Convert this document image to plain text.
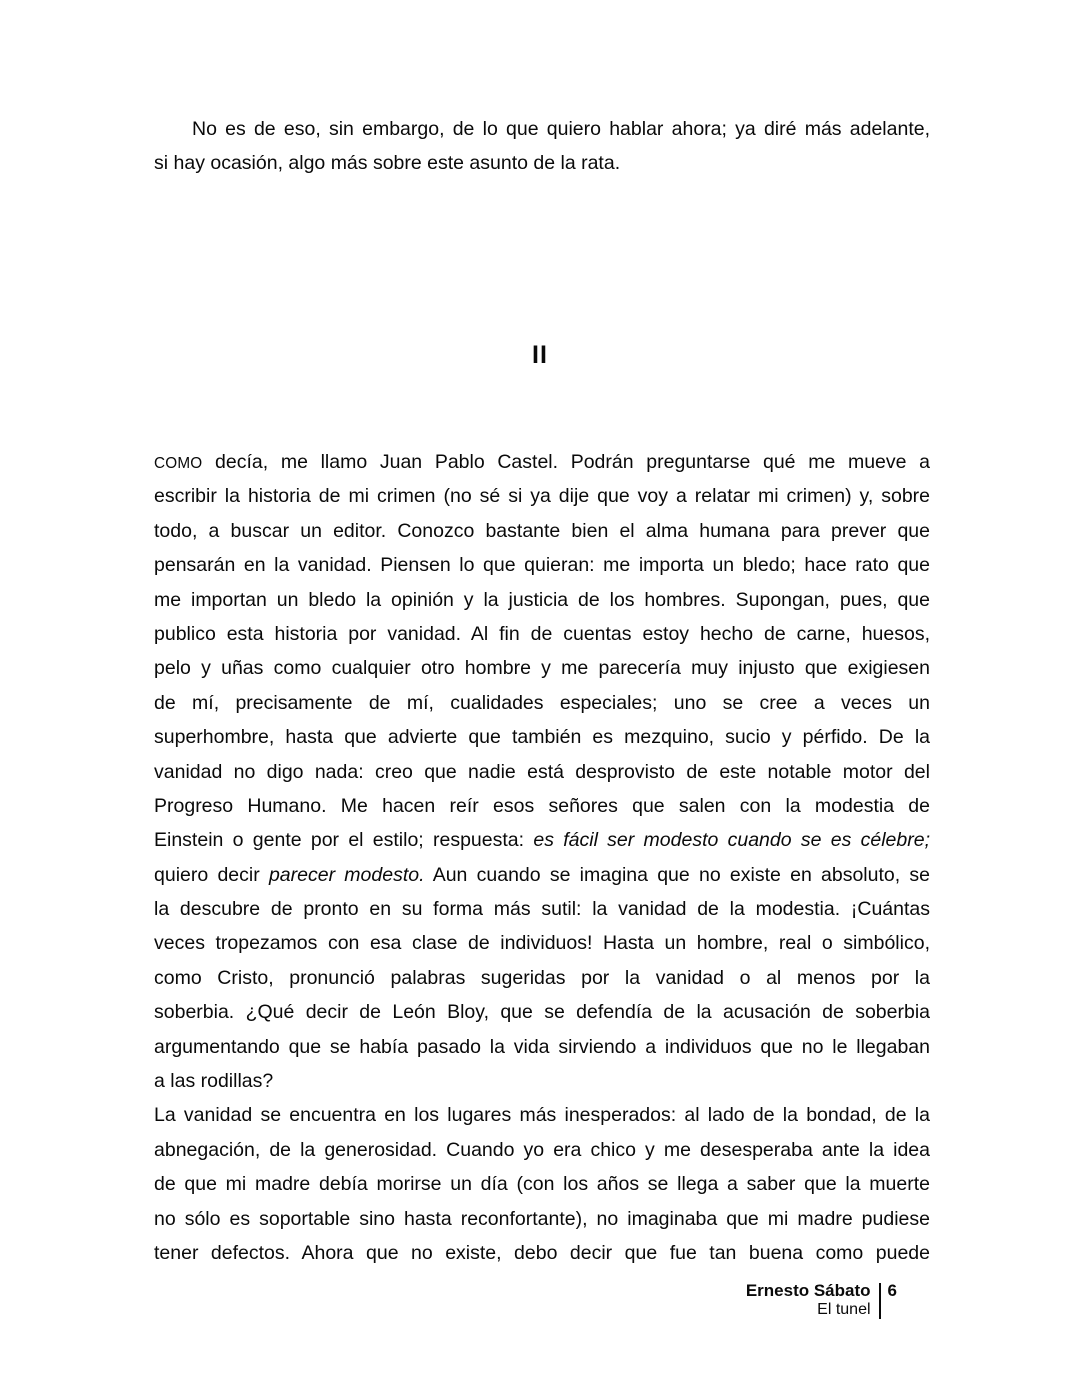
No es de eso, sin embargo, de lo que quiero hablar ahora; ya diré más adelante,
si hay ocasión, algo más sobre este asunto de la rata.
II
COMO decía, me llamo Juan Pablo Castel. Podrán preguntarse qué me mueve a
escribir la historia de mi crimen (no sé si ya dije que voy a relatar mi crimen) y, sobre
todo, a buscar un editor. Conozco bastante bien el alma humana para prever que
pensarán en la vanidad. Piensen lo que quieran: me importa un bledo; hace rato que
me importan un bledo la opinión y la justicia de los hombres. Supongan, pues, que
publico esta historia por vanidad. Al fin de cuentas estoy hecho de carne, huesos,
pelo y uñas como cualquier otro hombre y me parecería muy injusto que exigiesen
de mí, precisamente de mí, cualidades especiales; uno se cree a veces un
superhombre, hasta que advierte que también es mezquino, sucio y pérfido. De la
vanidad no digo nada: creo que nadie está desprovisto de este notable motor del
Progreso Humano. Me hacen reír esos señores que salen con la modestia de
Einstein o gente por el estilo; respuesta: es fácil ser modesto cuando se es célebre;
quiero decir parecer modesto. Aun cuando se imagina que no existe en absoluto, se
la descubre de pronto en su forma más sutil: la vanidad de la modestia. ¡Cuántas
veces tropezamos con esa clase de individuos! Hasta un hombre, real o simbólico,
como Cristo, pronunció palabras sugeridas por la vanidad o al menos por la
soberbia. ¿Qué decir de León Bloy, que se defendía de la acusación de soberbia
argumentando que se había pasado la vida sirviendo a individuos que no le llegaban
a las rodillas?
La vanidad se encuentra en los lugares más inesperados: al lado de la bondad, de la
abnegación, de la generosidad. Cuando yo era chico y me desesperaba ante la idea
de que mi madre debía morirse un día (con los años se llega a saber que la muerte
no sólo es soportable sino hasta reconfortante), no imaginaba que mi madre pudiese
tener defectos. Ahora que no existe, debo decir que fue tan buena como puede
Ernesto Sábato
El tunel
6
